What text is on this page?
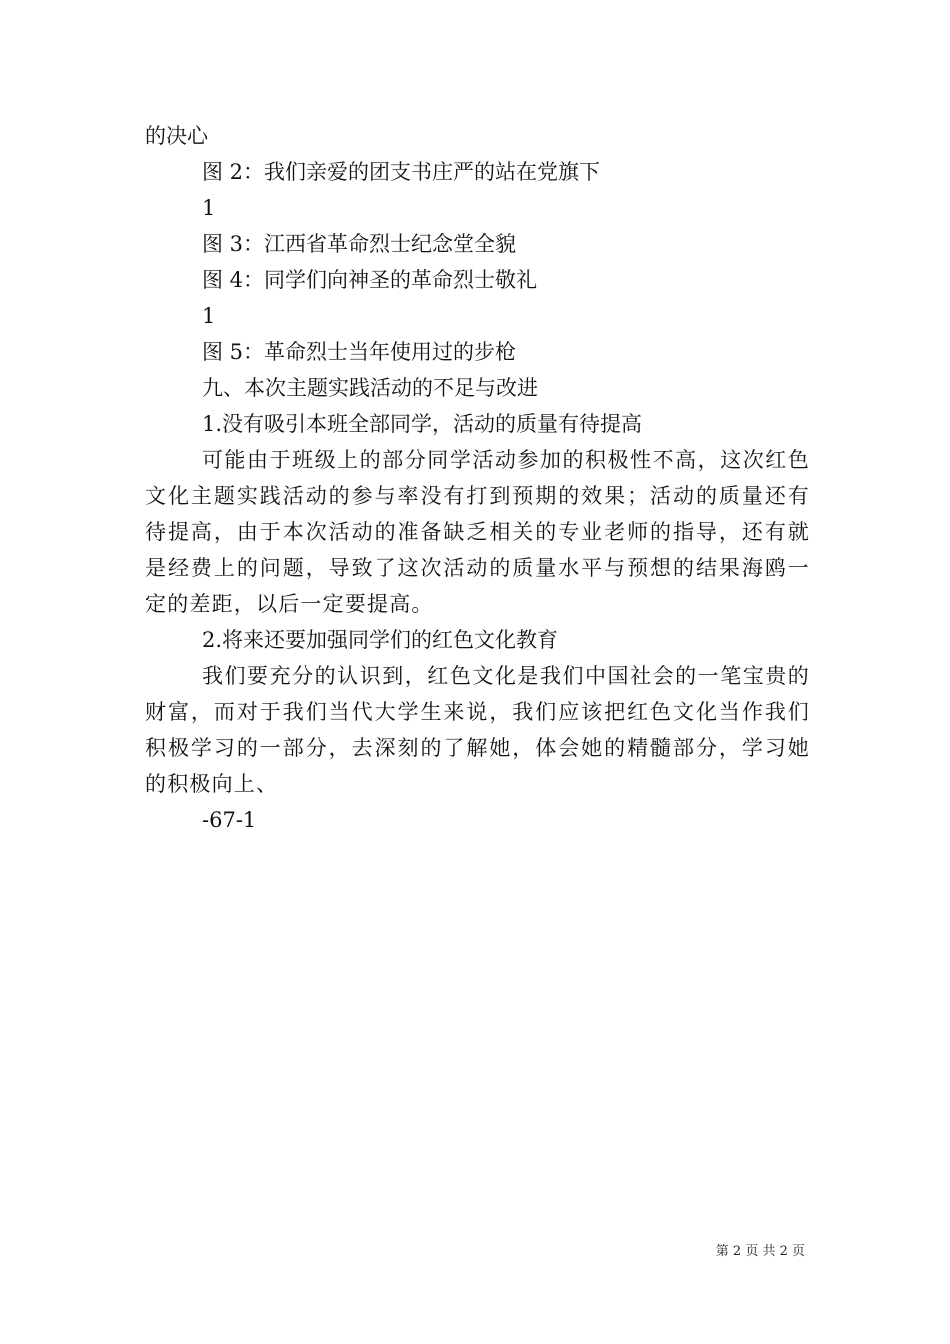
的决心
图 2：我们亲爱的团支书庄严的站在党旗下
1
图 3：江西省革命烈士纪念堂全貌
图 4：同学们向神圣的革命烈士敬礼
1
图 5：革命烈士当年使用过的步枪
九、本次主题实践活动的不足与改进
1.没有吸引本班全部同学，活动的质量有待提高

可能由于班级上的部分同学活动参加的积极性不高，这次红色文化主题实践活动的参与率没有打到预期的效果；活动的质量还有待提高，由于本次活动的准备缺乏相关的专业老师的指导，还有就是经费上的问题，导致了这次活动的质量水平与预想的结果海鸥一定的差距，以后一定要提高。

2.将来还要加强同学们的红色文化教育

我们要充分的认识到，红色文化是我们中国社会的一笔宝贵的财富，而对于我们当代大学生来说，我们应该把红色文化当作我们积极学习的一部分，去深刻的了解她，体会她的精髓部分，学习她的积极向上、

-67-1
第 2 页 共 2 页
